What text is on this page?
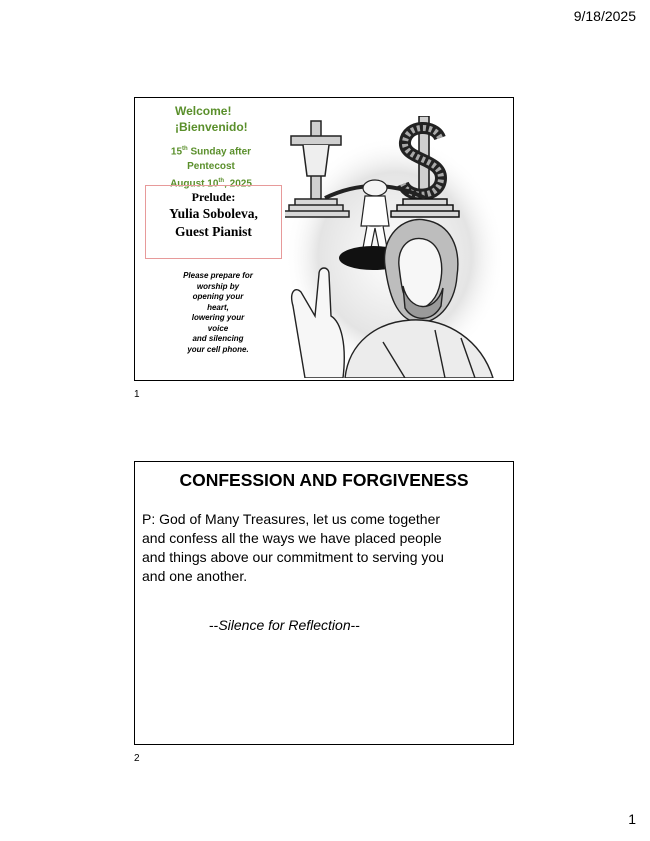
9/18/2025
Welcome!
¡Bienvenido!
15th Sunday after
Pentecost
August 10th, 2025
Prelude:
Yulia Soboleva,
Guest Pianist
Please prepare for
worship by
opening your
heart,
lowering your
voice
and silencing
your cell phone.
1
CONFESSION AND FORGIVENESS
P: God of Many Treasures, let us come together
and confess all the ways we have placed people
and things above our commitment to serving you
and one another.
--Silence for Reflection--
2
1
